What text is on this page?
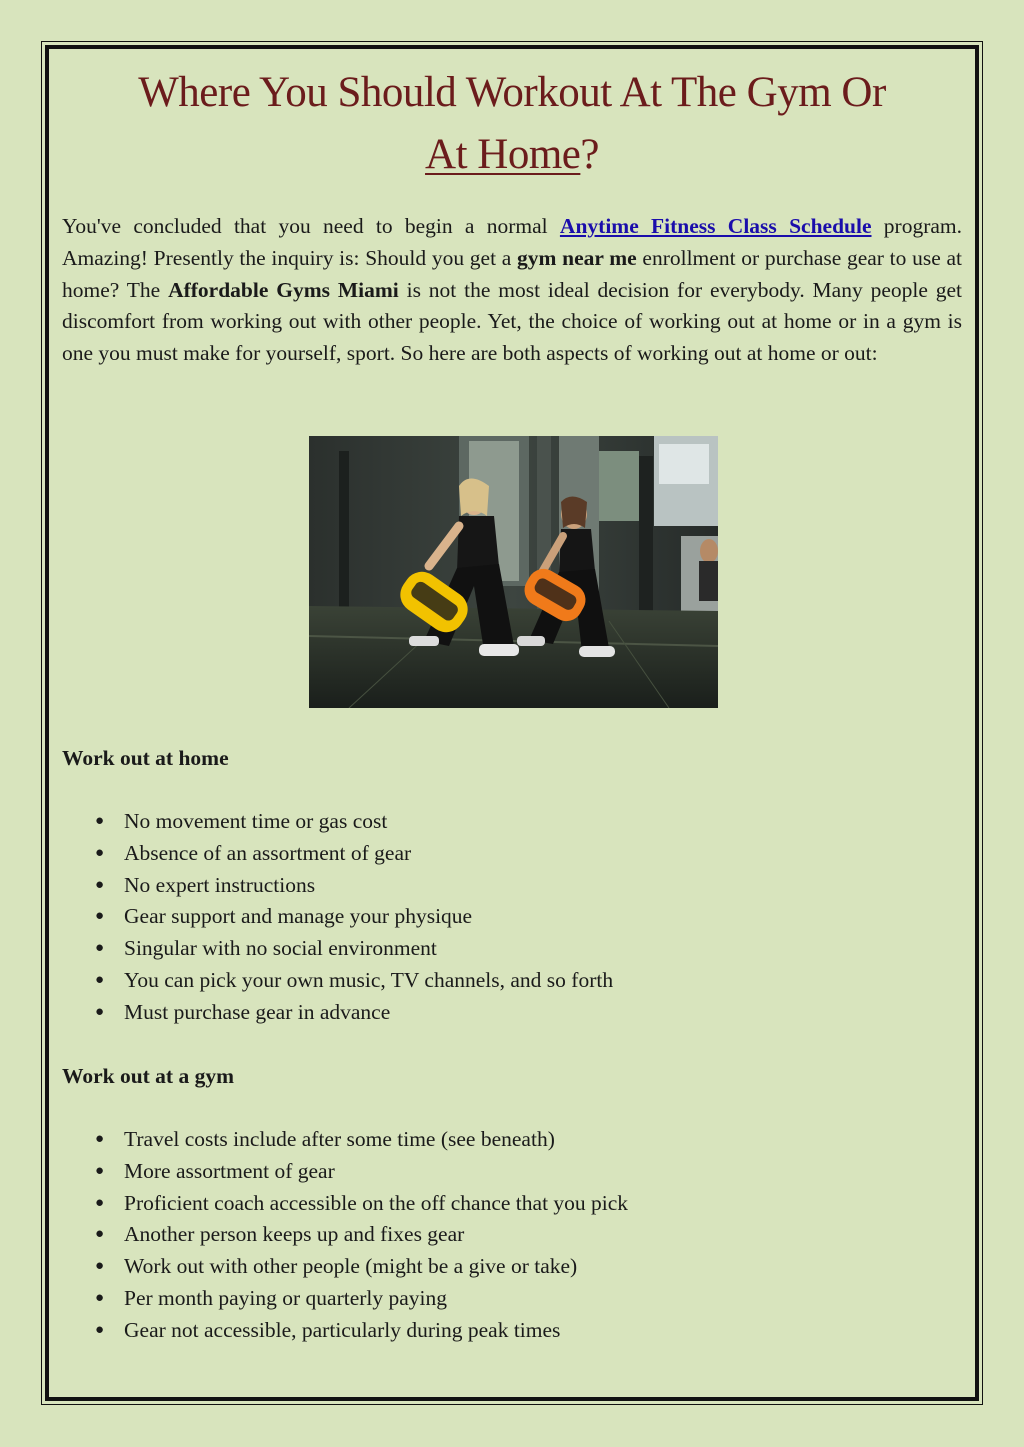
Where You Should Workout At The Gym Or
At Home?

You've concluded that you need to begin a normal Anytime Fitness Class Schedule program. Amazing! Presently the inquiry is: Should you get a gym near me enrollment or purchase gear to use at home? The Affordable Gyms Miami is not the most ideal decision for everybody. Many people get discomfort from working out with other people. Yet, the choice of working out at home or in a gym is one you must make for yourself, sport. So here are both aspects of working out at home or out:

Work out at home
● No movement time or gas cost
● Absence of an assortment of gear
● No expert instructions
● Gear support and manage your physique
● Singular with no social environment
● You can pick your own music, TV channels, and so forth
● Must purchase gear in advance
Work out at a gym
● Travel costs include after some time (see beneath)
● More assortment of gear
● Proficient coach accessible on the off chance that you pick
● Another person keeps up and fixes gear
● Work out with other people (might be a give or take)
● Per month paying or quarterly paying
● Gear not accessible, particularly during peak times
